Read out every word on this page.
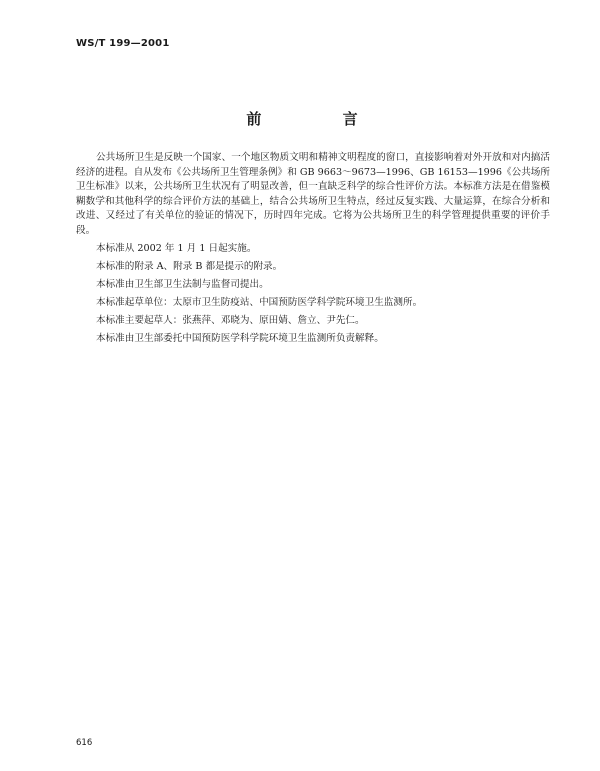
WS/T 199—2001
前 言

公共场所卫生是反映一个国家、一个地区物质文明和精神文明程度的窗口，直接影响着对外开放和对内搞活经济的进程。自从发布《公共场所卫生管理条例》和 GB 9663～9673—1996、GB 16153—1996《公共场所卫生标准》以来，公共场所卫生状况有了明显改善，但一直缺乏科学的综合性评价方法。本标准方法是在借鉴模糊数学和其他科学的综合评价方法的基础上，结合公共场所卫生特点，经过反复实践、大量运算，在综合分析和改进、又经过了有关单位的验证的情况下，历时四年完成。它将为公共场所卫生的科学管理提供重要的评价手段。

本标准从 2002 年 1 月 1 日起实施。

本标准的附录 A、附录 B 都是提示的附录。

本标准由卫生部卫生法制与监督司提出。

本标准起草单位：太原市卫生防疫站、中国预防医学科学院环境卫生监测所。

本标准主要起草人：张燕萍、邓晓为、原田婧、詹立、尹先仁。

本标准由卫生部委托中国预防医学科学院环境卫生监测所负责解释。

616
